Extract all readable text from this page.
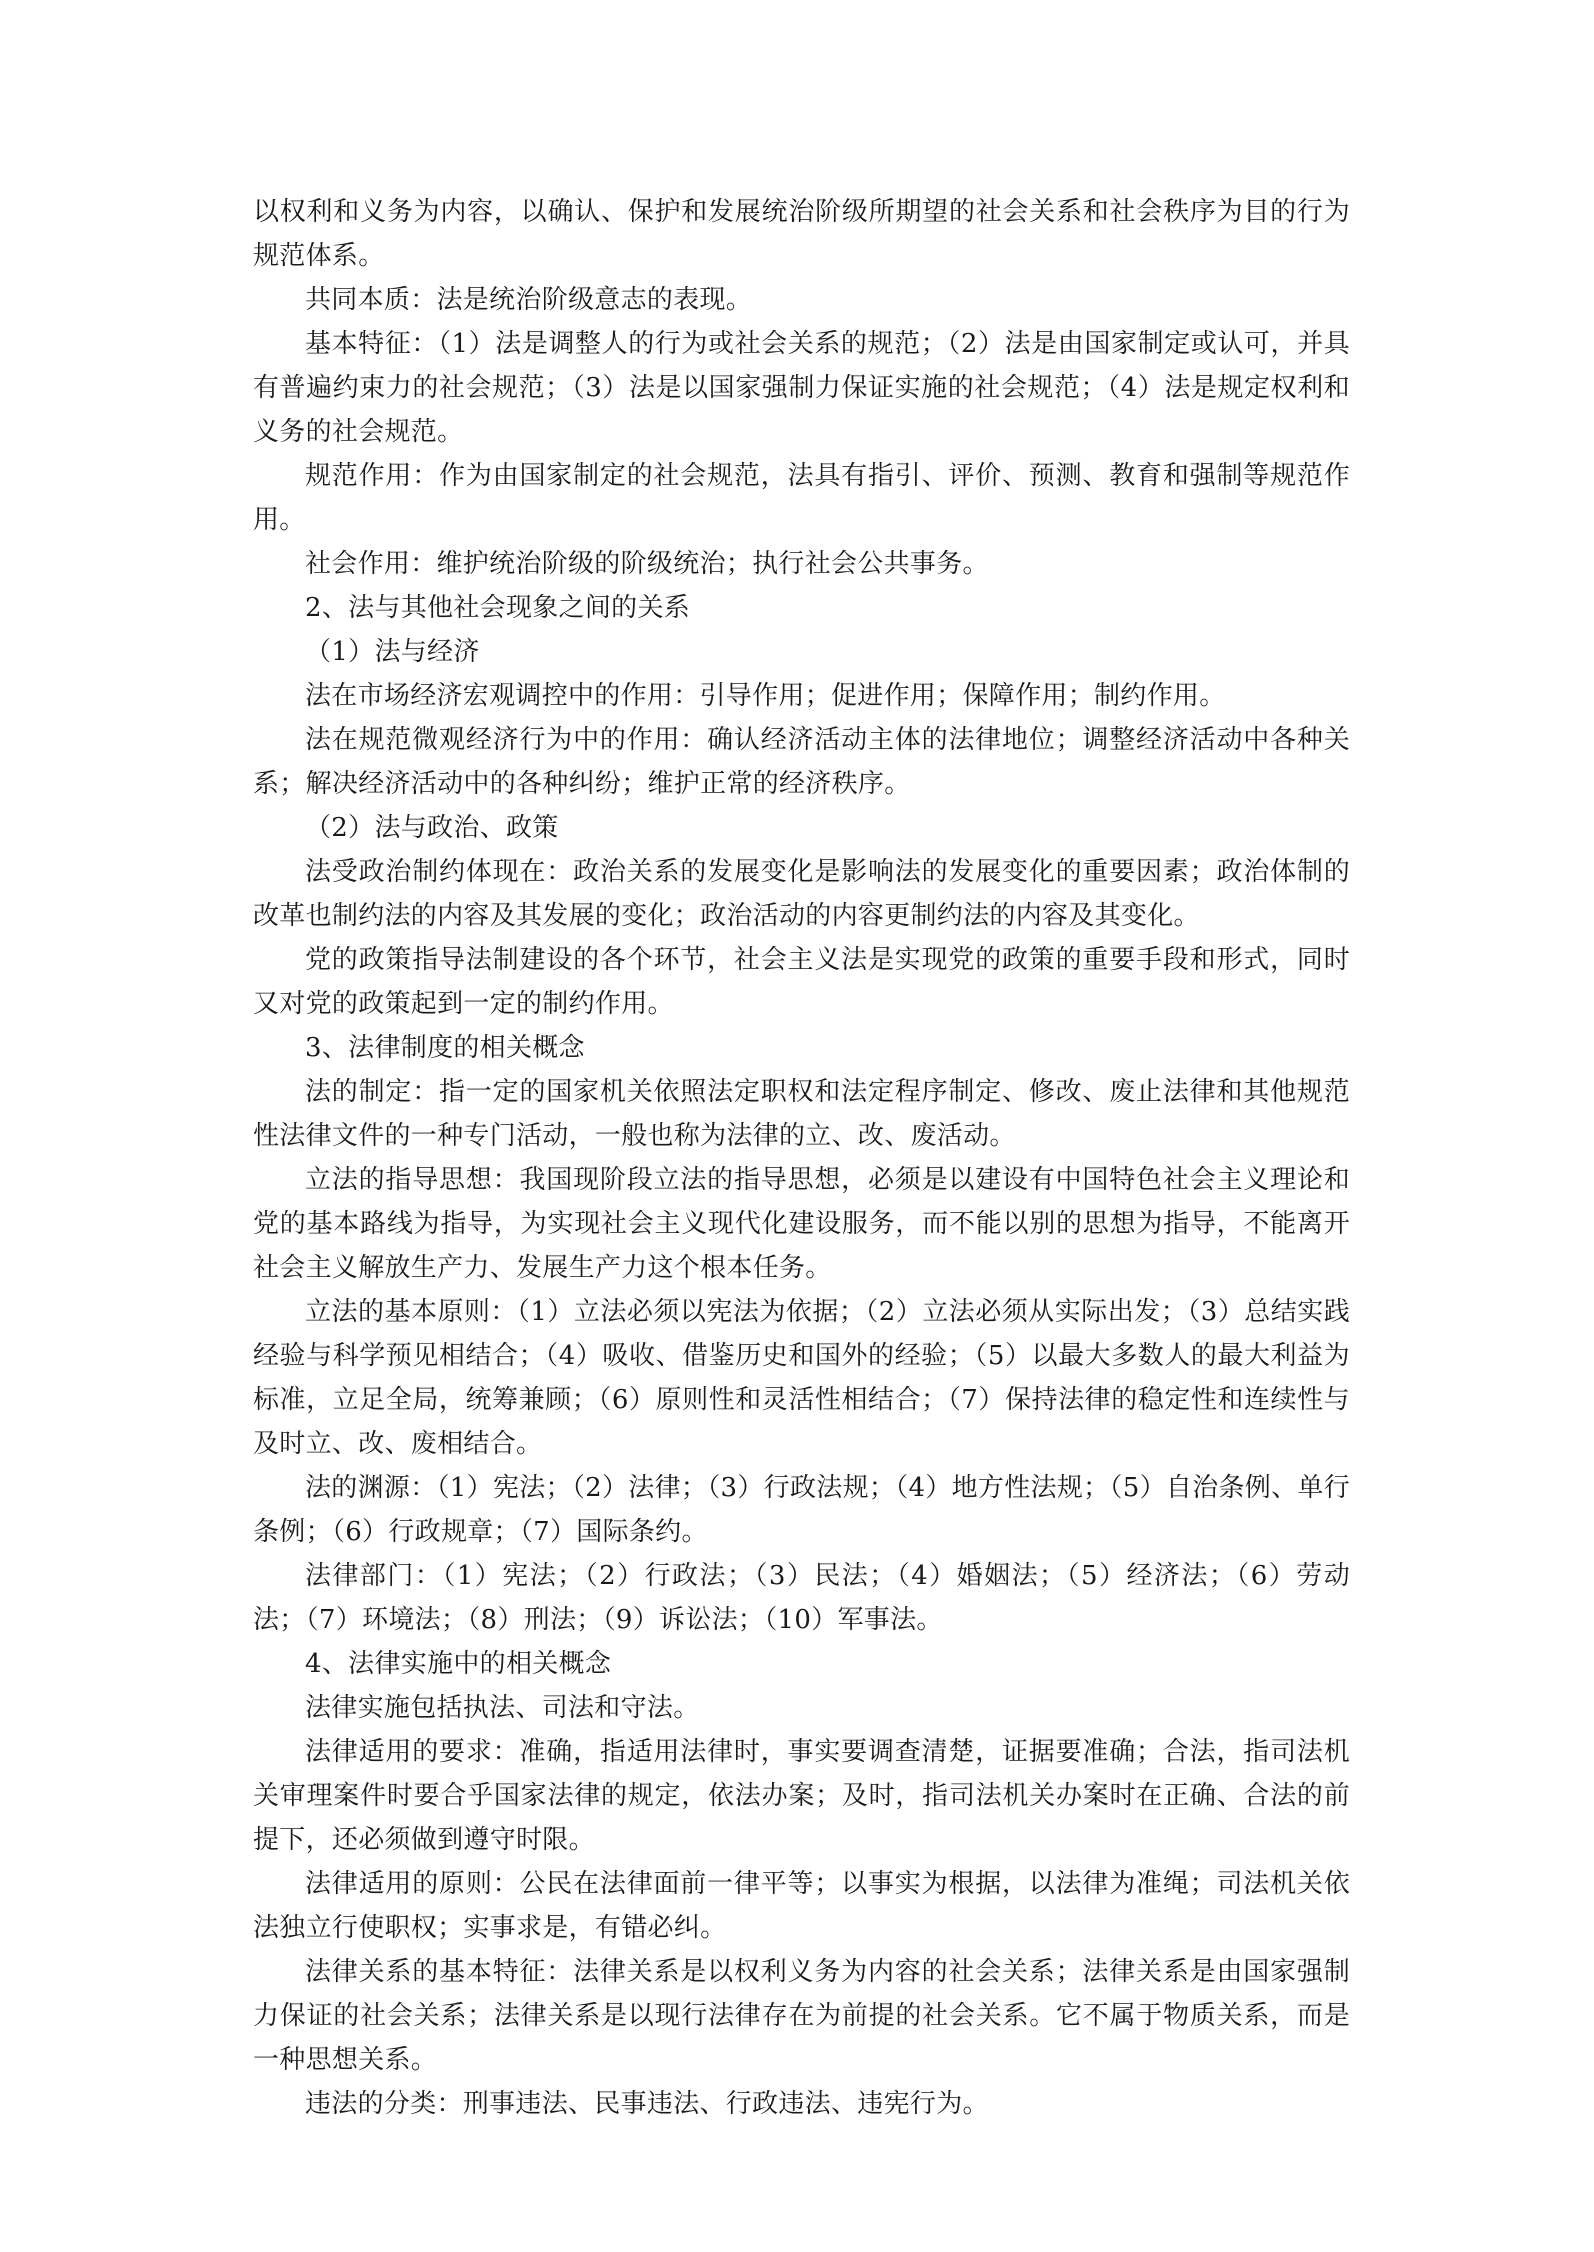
以权利和义务为内容，以确认、保护和发展统治阶级所期望的社会关系和社会秩序为目的行为规范体系。

共同本质：法是统治阶级意志的表现。

基本特征：（1）法是调整人的行为或社会关系的规范；（2）法是由国家制定或认可，并具有普遍约束力的社会规范；（3）法是以国家强制力保证实施的社会规范；（4）法是规定权利和义务的社会规范。

规范作用：作为由国家制定的社会规范，法具有指引、评价、预测、教育和强制等规范作用。

社会作用：维护统治阶级的阶级统治；执行社会公共事务。

2、法与其他社会现象之间的关系

（1）法与经济

法在市场经济宏观调控中的作用：引导作用；促进作用；保障作用；制约作用。

法在规范微观经济行为中的作用：确认经济活动主体的法律地位；调整经济活动中各种关系；解决经济活动中的各种纠纷；维护正常的经济秩序。

（2）法与政治、政策

法受政治制约体现在：政治关系的发展变化是影响法的发展变化的重要因素；政治体制的改革也制约法的内容及其发展的变化；政治活动的内容更制约法的内容及其变化。

党的政策指导法制建设的各个环节，社会主义法是实现党的政策的重要手段和形式，同时又对党的政策起到一定的制约作用。

3、法律制度的相关概念

法的制定：指一定的国家机关依照法定职权和法定程序制定、修改、废止法律和其他规范性法律文件的一种专门活动，一般也称为法律的立、改、废活动。

立法的指导思想：我国现阶段立法的指导思想，必须是以建设有中国特色社会主义理论和党的基本路线为指导，为实现社会主义现代化建设服务，而不能以别的思想为指导，不能离开社会主义解放生产力、发展生产力这个根本任务。

立法的基本原则：（1）立法必须以宪法为依据；（2）立法必须从实际出发；（3）总结实践经验与科学预见相结合；（4）吸收、借鉴历史和国外的经验；（5）以最大多数人的最大利益为标准，立足全局，统筹兼顾；（6）原则性和灵活性相结合；（7）保持法律的稳定性和连续性与及时立、改、废相结合。

法的渊源：（1）宪法；（2）法律；（3）行政法规；（4）地方性法规；（5）自治条例、单行条例；（6）行政规章；（7）国际条约。

法律部门：（1）宪法；（2）行政法；（3）民法；（4）婚姻法；（5）经济法；（6）劳动法；（7）环境法；（8）刑法；（9）诉讼法；（10）军事法。

4、法律实施中的相关概念

法律实施包括执法、司法和守法。

法律适用的要求：准确，指适用法律时，事实要调查清楚，证据要准确；合法，指司法机关审理案件时要合乎国家法律的规定，依法办案；及时，指司法机关办案时在正确、合法的前提下，还必须做到遵守时限。

法律适用的原则：公民在法律面前一律平等；以事实为根据，以法律为准绳；司法机关依法独立行使职权；实事求是，有错必纠。

法律关系的基本特征：法律关系是以权利义务为内容的社会关系；法律关系是由国家强制力保证的社会关系；法律关系是以现行法律存在为前提的社会关系。它不属于物质关系，而是一种思想关系。

违法的分类：刑事违法、民事违法、行政违法、违宪行为。
